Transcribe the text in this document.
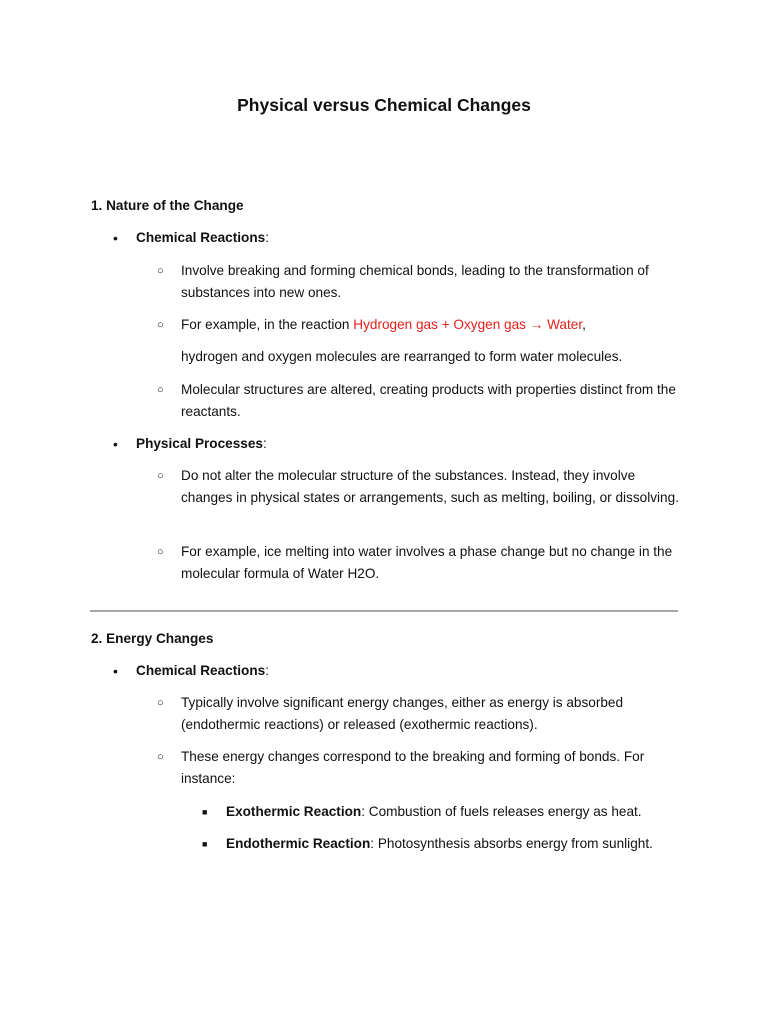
Physical versus Chemical Changes
1. Nature of the Change
•	Chemical Reactions:
○	Involve breaking and forming chemical bonds, leading to the transformation of substances into new ones.
○	For example, in the reaction Hydrogen gas + Oxygen gas → Water,
hydrogen and oxygen molecules are rearranged to form water molecules.
○	Molecular structures are altered, creating products with properties distinct from the reactants.
•	Physical Processes:
○	Do not alter the molecular structure of the substances. Instead, they involve changes in physical states or arrangements, such as melting, boiling, or dissolving.
○	For example, ice melting into water involves a phase change but no change in the molecular formula of Water H2O.
2. Energy Changes
•	Chemical Reactions:
○	Typically involve significant energy changes, either as energy is absorbed (endothermic reactions) or released (exothermic reactions).
○	These energy changes correspond to the breaking and forming of bonds. For instance:
■	Exothermic Reaction: Combustion of fuels releases energy as heat.
■	Endothermic Reaction: Photosynthesis absorbs energy from sunlight.
